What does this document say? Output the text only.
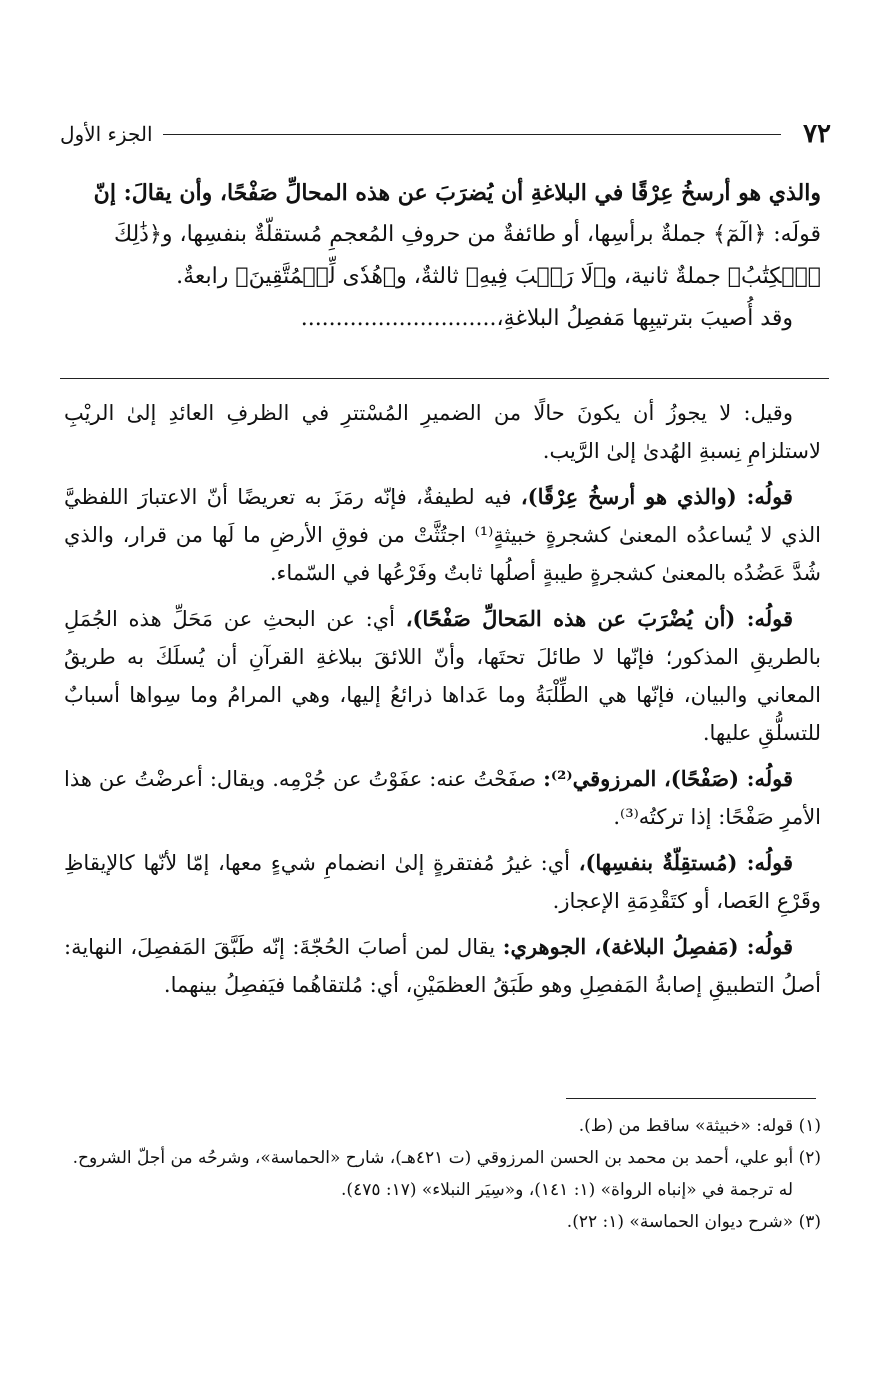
٧٢
الجزء الأول

والذي هو أرسخُ عِرْقًا في البلاغةِ أن يُضرَبَ عن هذه المحالِّ صَفْحًا، وأن يقالَ: إنّ

قولَه: ﴿الٓمٓ﴾ جملةٌ برأسِها، أو طائفةٌ من حروفِ المُعجمِ مُستقلّةٌ بنفسِها، و﴿ذَٰلِكَ

ٱلۡكِتَٰبُ﴾ جملةٌ ثانية، و﴿لَا رَيۡبَ فِيهِ﴾ ثالثةٌ، و﴿هُدٗى لِّلۡمُتَّقِينَ﴾ رابعةٌ.

وقد أُصيبَ بترتيبِها مَفصِلُ البلاغةِ،............................

وقيل: لا يجوزُ أن يكونَ حالًا من الضميرِ المُسْتترِ في الظرفِ العائدِ إلىٰ الريْبِ لاستلزامِ نِسبةِ الهُدىٰ إلىٰ الرَّيب.

قولُه: (والذي هو أرسخُ عِرْقًا)، فيه لطيفةٌ، فإنّه رمَزَ به تعريضًا أنّ الاعتبارَ اللفظيَّ الذي لا يُساعدُه المعنىٰ كشجرةٍ خبيثةٍ⁽¹⁾ اجتُثَّتْ من فوقِ الأرضِ ما لَها من قرار، والذي شُدَّ عَضُدُه بالمعنىٰ كشجرةٍ طيبةٍ أصلُها ثابتٌ وفَرْعُها في السّماء.

قولُه: (أن يُضْرَبَ عن هذه المَحالِّ صَفْحًا)، أي: عن البحثِ عن مَحَلِّ هذه الجُمَلِ بالطريقِ المذكور؛ فإنّها لا طائلَ تحتَها، وأنّ اللائقَ ببلاغةِ القرآنِ أن يُسلَكَ به طريقُ المعاني والبيان، فإنّها هي الطِّلْبَةُ وما عَداها ذرائعُ إليها، وهي المرامُ وما سِواها أسبابٌ للتسلُّقِ عليها.

قولُه: (صَفْحًا)، المرزوقي⁽²⁾: صفَحْتُ عنه: عفَوْتُ عن جُرْمِه. ويقال: أعرضْتُ عن هذا الأمرِ صَفْحًا: إذا تركتُه⁽³⁾.

قولُه: (مُستقِلّةٌ بنفسِها)، أي: غيرُ مُفتقرةٍ إلىٰ انضمامِ شيءٍ معها، إمّا لأنّها كالإيقاظِ وقَرْعِ العَصا، أو كتَقْدِمَةِ الإعجاز.

قولُه: (مَفصِلُ البلاغة)، الجوهري: يقال لمن أصابَ الحُجّةَ: إنّه طَبَّقَ المَفصِلَ، النهاية: أصلُ التطبيقِ إصابةُ المَفصِلِ وهو طَبَقُ العظمَيْنِ، أي: مُلتقاهُما فيَفصِلُ بينهما.

(١) قوله: «خبيثة» ساقط من (ط).

(٢) أبو علي، أحمد بن محمد بن الحسن المرزوقي (ت ٤٢١هـ)، شارح «الحماسة»، وشرحُه من أجلّ الشروح.

له ترجمة في «إنباه الرواة» (١: ١٤١)، و«سِيَر النبلاء» (١٧: ٤٧٥).

(٣) «شرح ديوان الحماسة» (١: ٢٢).
